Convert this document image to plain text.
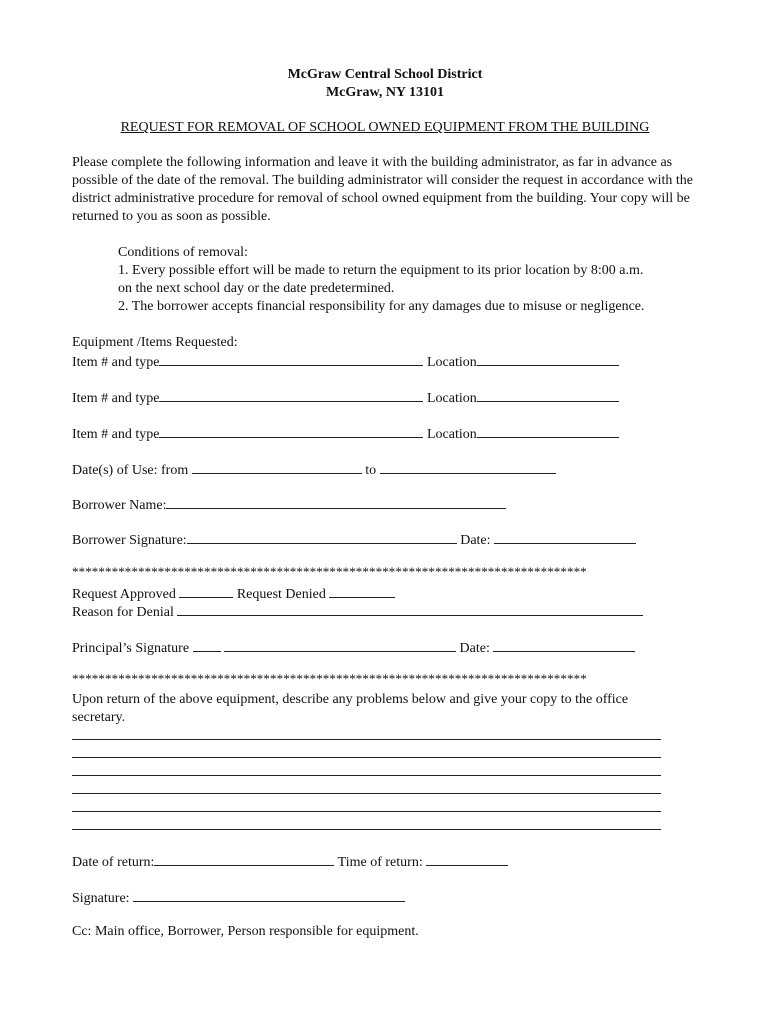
McGraw Central School District
McGraw, NY 13101
REQUEST FOR REMOVAL OF SCHOOL OWNED EQUIPMENT FROM THE BUILDING
Please complete the following information and leave it with the building administrator, as far in advance as possible of the date of the removal. The building administrator will consider the request in accordance with the district administrative procedure for removal of school owned equipment from the building. Your copy will be returned to you as soon as possible.
Conditions of removal:
1. Every possible effort will be made to return the equipment to its prior location by 8:00 a.m.
on the next school day or the date predetermined.
2. The borrower accepts financial responsibility for any damages due to misuse or negligence.
Equipment /Items Requested:
Item # and type	Location
Item # and type	Location
Item # and type	Location
Date(s) of Use: from	to
Borrower Name:
Borrower Signature:	Date:
******************************************************************************
Request Approved	Request Denied
Reason for Denial
Principal’s Signature	Date:
******************************************************************************
Upon return of the above equipment, describe any problems below and give your copy to the office secretary.
Date of return:	Time of return:
Signature:
Cc: Main office, Borrower, Person responsible for equipment.
